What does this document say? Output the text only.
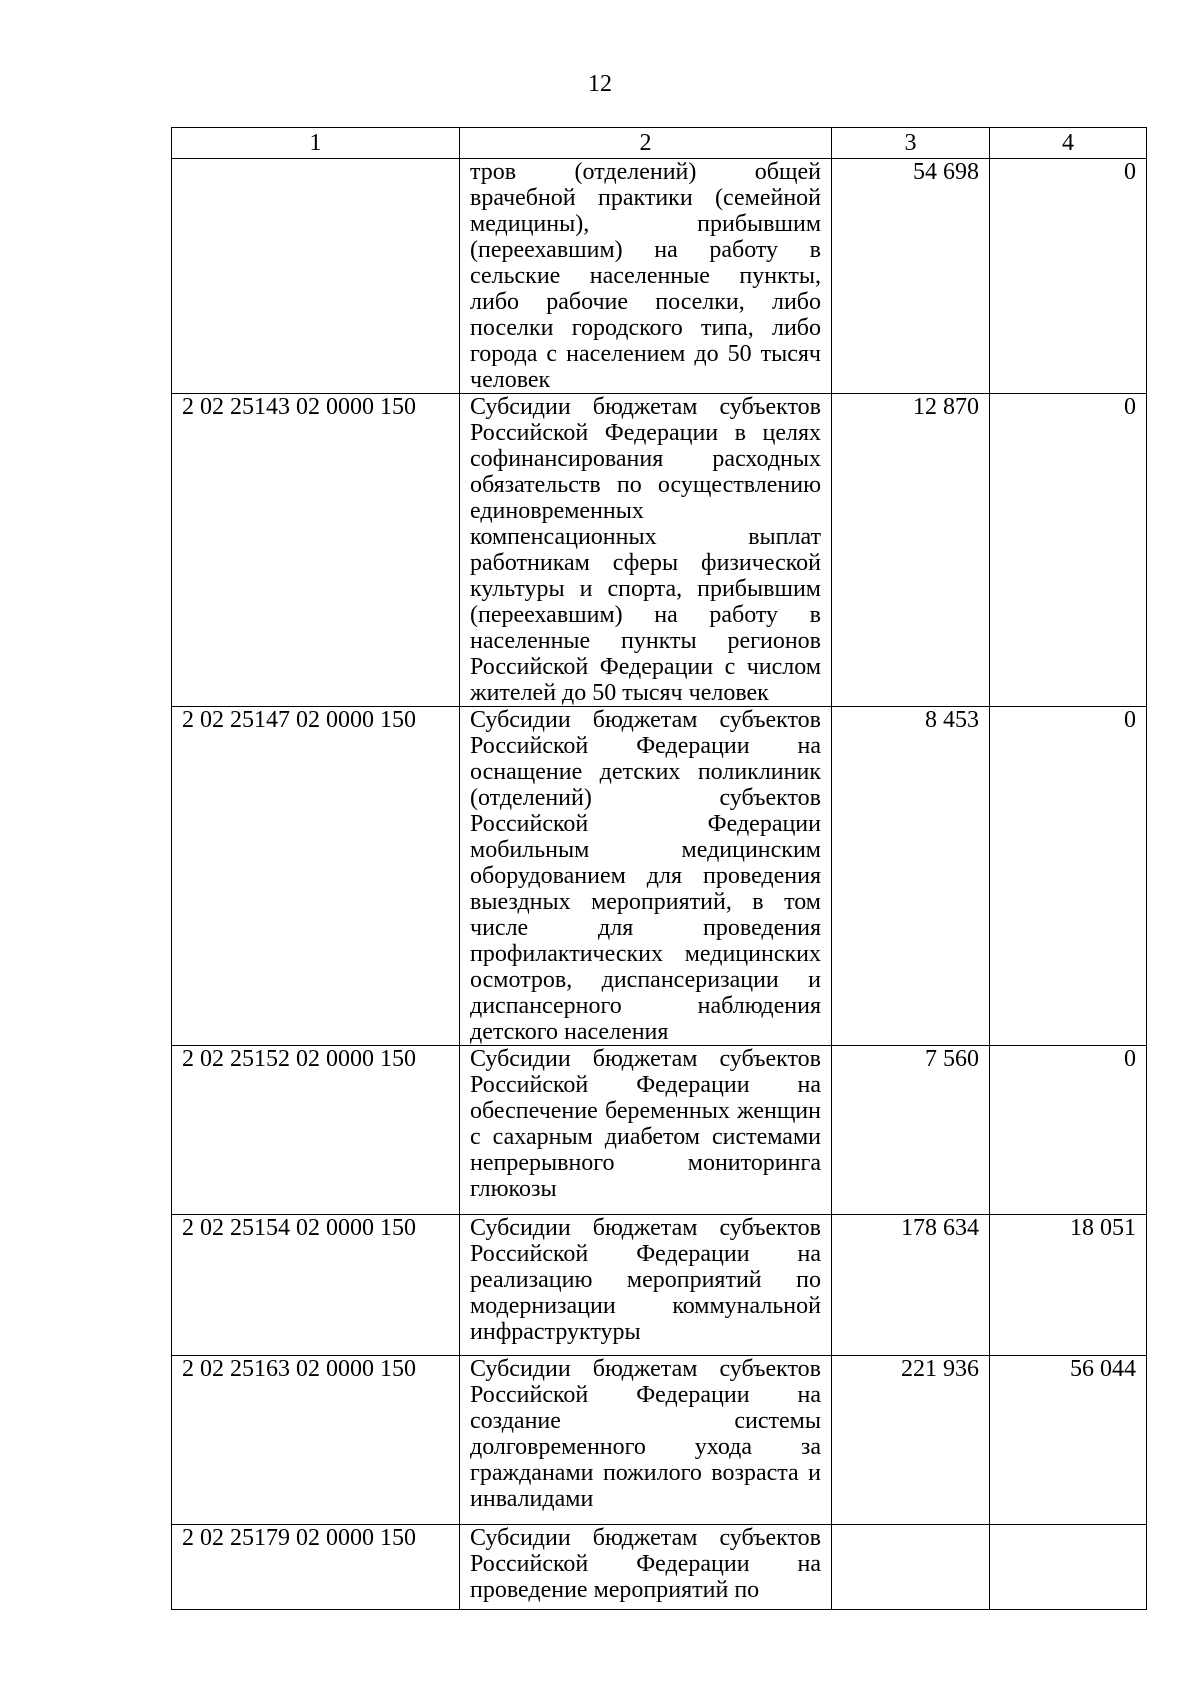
12
1	2	3	4
	тров (отделений) общей врачебной практики (семейной медицины), прибывшим (переехавшим) на работу в сельские населенные пункты, либо рабочие поселки, либо поселки городского типа, либо города с населением до 50 тысяч человек	54 698	0
2 02 25143 02 0000 150	Субсидии бюджетам субъектов Российской Федерации в целях софинансирования расходных обязательств по осуществлению единовременных компенсационных выплат работникам сферы физической культуры и спорта, прибывшим (переехавшим) на работу в населенные пункты регионов Российской Федерации с числом жителей до 50 тысяч человек	12 870	0
2 02 25147 02 0000 150	Субсидии бюджетам субъектов Российской Федерации на оснащение детских поликлиник (отделений) субъектов Российской Федерации мобильным медицинским оборудованием для проведения выездных мероприятий, в том числе для проведения профилактических медицинских осмотров, диспансеризации и диспансерного наблюдения детского населения	8 453	0
2 02 25152 02 0000 150	Субсидии бюджетам субъектов Российской Федерации на обеспечение беременных женщин с сахарным диабетом системами непрерывного мониторинга глюкозы	7 560	0
2 02 25154 02 0000 150	Субсидии бюджетам субъектов Российской Федерации на реализацию мероприятий по модернизации коммунальной инфраструктуры	178 634	18 051
2 02 25163 02 0000 150	Субсидии бюджетам субъектов Российской Федерации на создание системы долговременного ухода за гражданами пожилого возраста и инвалидами	221 936	56 044
2 02 25179 02 0000 150	Субсидии бюджетам субъектов Российской Федерации на проведение мероприятий по		
